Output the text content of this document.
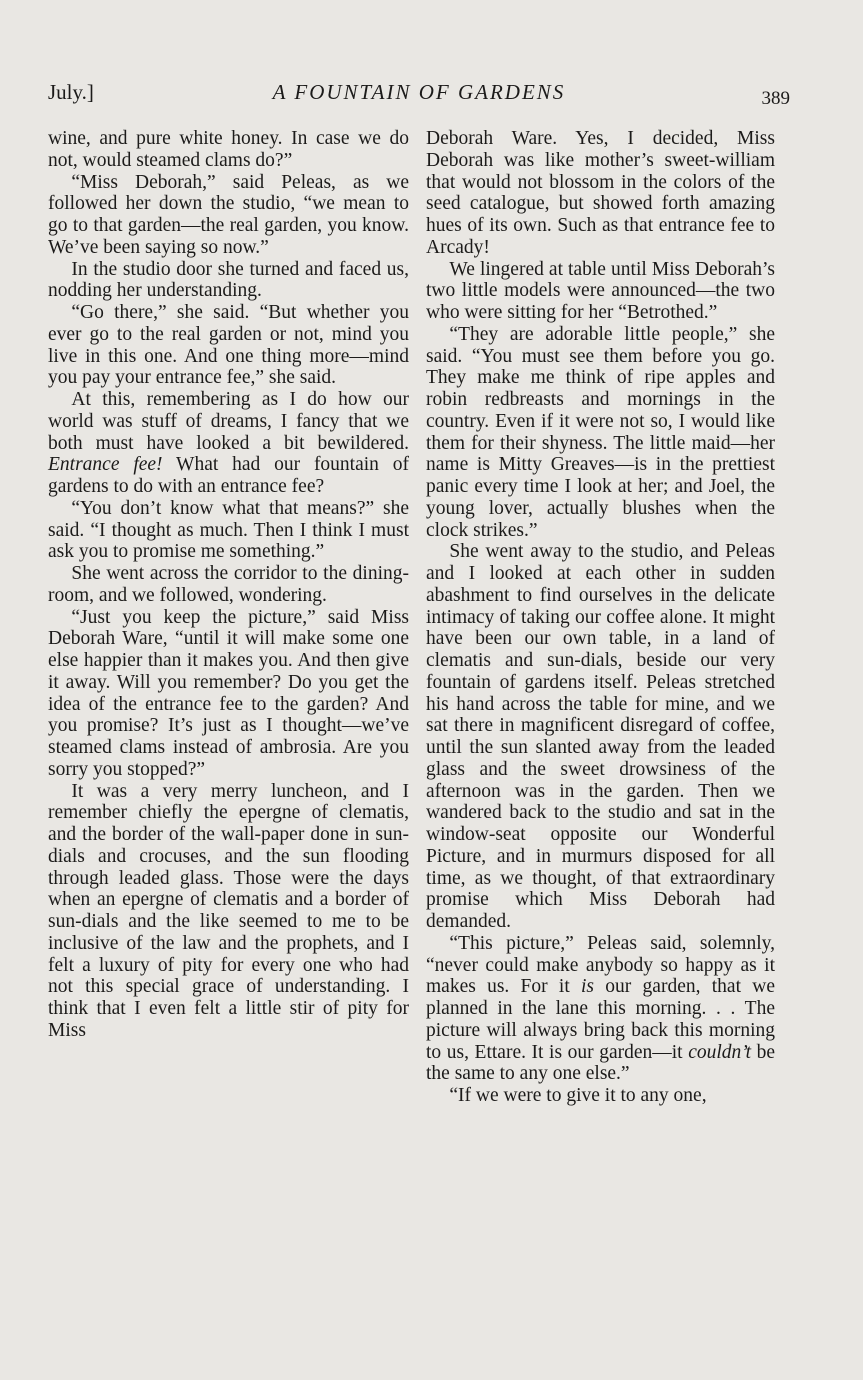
July.]	A FOUNTAIN OF GARDENS	389

wine, and pure white honey. In case we do not, would steamed clams do?”

“Miss Deborah,” said Peleas, as we followed her down the studio, “we mean to go to that garden—the real garden, you know. We’ve been saying so now.”

In the studio door she turned and faced us, nodding her understanding.

“Go there,” she said. “But whether you ever go to the real garden or not, mind you live in this one. And one thing more—mind you pay your entrance fee,” she said.

At this, remembering as I do how our world was stuff of dreams, I fancy that we both must have looked a bit bewildered. Entrance fee! What had our fountain of gardens to do with an entrance fee?

“You don’t know what that means?” she said. “I thought as much. Then I think I must ask you to promise me something.”

She went across the corridor to the dining-room, and we followed, wondering.

“Just you keep the picture,” said Miss Deborah Ware, “until it will make some one else happier than it makes you. And then give it away. Will you remember? Do you get the idea of the entrance fee to the garden? And you promise? It’s just as I thought—we’ve steamed clams instead of ambrosia. Are you sorry you stopped?”

It was a very merry luncheon, and I remember chiefly the epergne of clematis, and the border of the wall-paper done in sun-dials and crocuses, and the sun flooding through leaded glass. Those were the days when an epergne of clematis and a border of sun-dials and the like seemed to me to be inclusive of the law and the prophets, and I felt a luxury of pity for every one who had not this special grace of understanding. I think that I even felt a little stir of pity for Miss

Deborah Ware. Yes, I decided, Miss Deborah was like mother’s sweet-william that would not blossom in the colors of the seed catalogue, but showed forth amazing hues of its own. Such as that entrance fee to Arcady!

We lingered at table until Miss Deborah’s two little models were announced—the two who were sitting for her “Betrothed.”

“They are adorable little people,” she said. “You must see them before you go. They make me think of ripe apples and robin redbreasts and mornings in the country. Even if it were not so, I would like them for their shyness. The little maid—her name is Mitty Greaves—is in the prettiest panic every time I look at her; and Joel, the young lover, actually blushes when the clock strikes.”

She went away to the studio, and Peleas and I looked at each other in sudden abashment to find ourselves in the delicate intimacy of taking our coffee alone. It might have been our own table, in a land of clematis and sun-dials, beside our very fountain of gardens itself. Peleas stretched his hand across the table for mine, and we sat there in magnificent disregard of coffee, until the sun slanted away from the leaded glass and the sweet drowsiness of the afternoon was in the garden. Then we wandered back to the studio and sat in the window-seat opposite our Wonderful Picture, and in murmurs disposed for all time, as we thought, of that extraordinary promise which Miss Deborah had demanded.

“This picture,” Peleas said, solemnly, “never could make anybody so happy as it makes us. For it is our garden, that we planned in the lane this morning. . . The picture will always bring back this morning to us, Ettare. It is our garden—it couldn’t be the same to any one else.”

“If we were to give it to any one,
